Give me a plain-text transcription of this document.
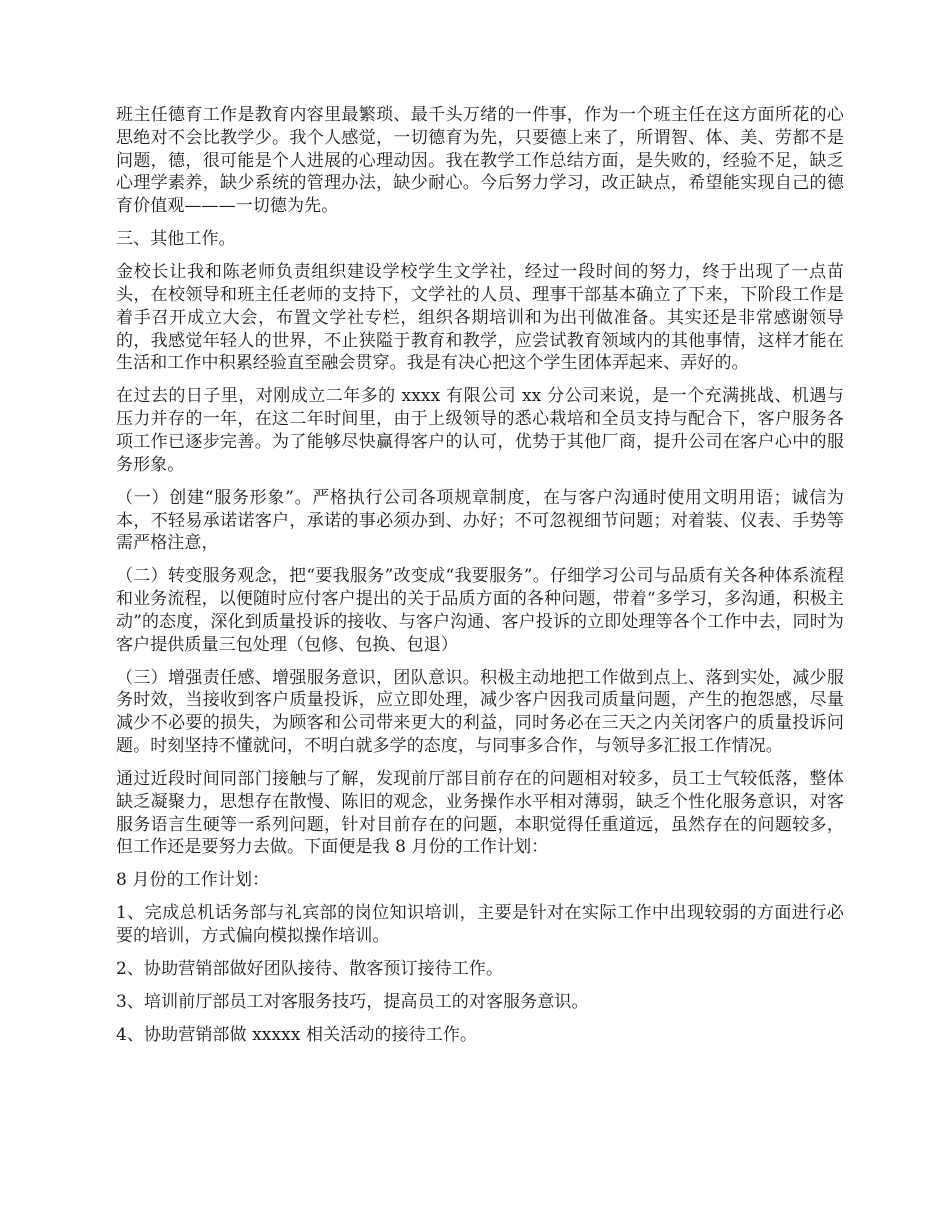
班主任德育工作是教育内容里最繁琐、最千头万绪的一件事，作为一个班主任在这方面所花的心思绝对不会比教学少。我个人感觉，一切德育为先，只要德上来了，所谓智、体、美、劳都不是问题，德，很可能是个人进展的心理动因。我在教学工作总结方面，是失败的，经验不足，缺乏心理学素养，缺少系统的管理办法，缺少耐心。今后努力学习，改正缺点，希望能实现自己的德育价值观———一切德为先。

三、其他工作。

金校长让我和陈老师负责组织建设学校学生文学社，经过一段时间的努力，终于出现了一点苗头，在校领导和班主任老师的支持下，文学社的人员、理事干部基本确立了下来，下阶段工作是着手召开成立大会，布置文学社专栏，组织各期培训和为出刊做准备。其实还是非常感谢领导的，我感觉年轻人的世界，不止狭隘于教育和教学，应尝试教育领域内的其他事情，这样才能在生活和工作中积累经验直至融会贯穿。我是有决心把这个学生团体弄起来、弄好的。

在过去的日子里，对刚成立二年多的 xxxx 有限公司 xx 分公司来说，是一个充满挑战、机遇与压力并存的一年，在这二年时间里，由于上级领导的悉心栽培和全员支持与配合下，客户服务各项工作已逐步完善。为了能够尽快赢得客户的认可，优势于其他厂商，提升公司在客户心中的服务形象。

（一）创建“服务形象”。严格执行公司各项规章制度，在与客户沟通时使用文明用语；诚信为本，不轻易承诺诺客户，承诺的事必须办到、办好；不可忽视细节问题；对着装、仪表、手势等需严格注意，

（二）转变服务观念，把“要我服务”改变成“我要服务”。仔细学习公司与品质有关各种体系流程和业务流程，以便随时应付客户提出的关于品质方面的各种问题，带着“多学习，多沟通，积极主动”的态度，深化到质量投诉的接收、与客户沟通、客户投诉的立即处理等各个工作中去，同时为客户提供质量三包处理（包修、包换、包退）

（三）增强责任感、增强服务意识，团队意识。积极主动地把工作做到点上、落到实处，减少服务时效，当接收到客户质量投诉，应立即处理，减少客户因我司质量问题，产生的抱怨感，尽量减少不必要的损失，为顾客和公司带来更大的利益，同时务必在三天之内关闭客户的质量投诉问题。时刻坚持不懂就问，不明白就多学的态度，与同事多合作，与领导多汇报工作情况。

通过近段时间同部门接触与了解，发现前厅部目前存在的问题相对较多，员工士气较低落，整体缺乏凝聚力，思想存在散慢、陈旧的观念，业务操作水平相对薄弱，缺乏个性化服务意识，对客服务语言生硬等一系列问题，针对目前存在的问题，本职觉得任重道远，虽然存在的问题较多，但工作还是要努力去做。下面便是我 8 月份的工作计划：

8 月份的工作计划：

1、完成总机话务部与礼宾部的岗位知识培训，主要是针对在实际工作中出现较弱的方面进行必要的培训，方式偏向模拟操作培训。

2、协助营销部做好团队接待、散客预订接待工作。

3、培训前厅部员工对客服务技巧，提高员工的对客服务意识。

4、协助营销部做 xxxxx 相关活动的接待工作。
